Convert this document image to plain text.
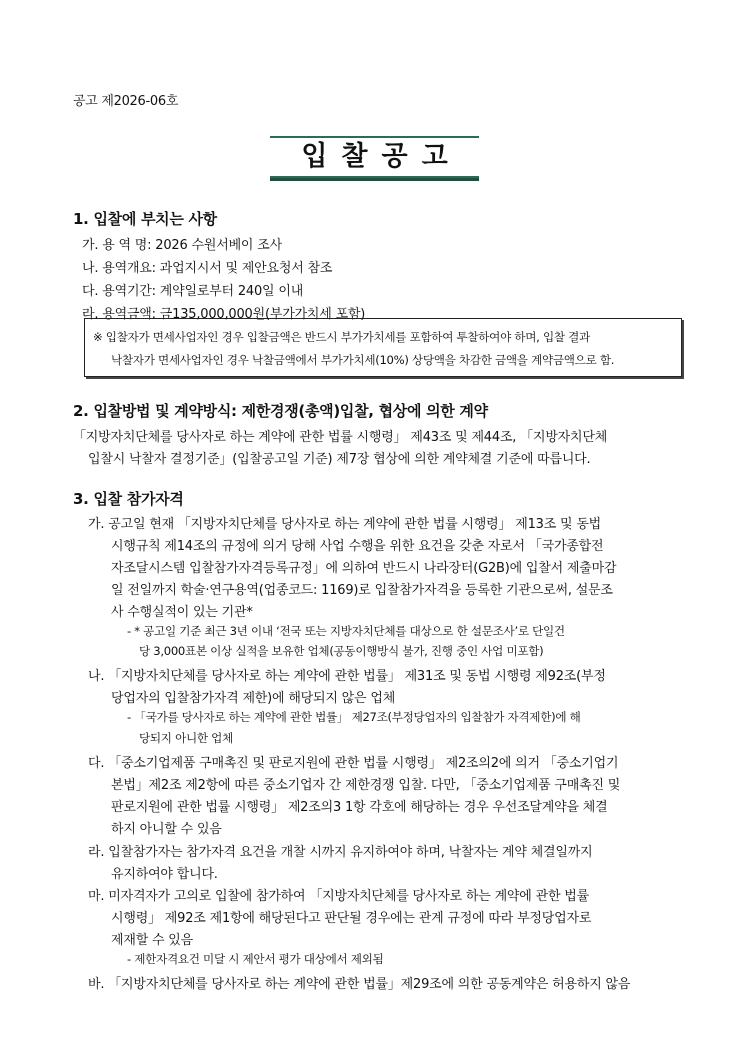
공고 제2026-06호
입찰공고
1. 입찰에 부치는 사항
가. 용 역 명: 2026 수원서베이 조사
나. 용역개요: 과업지시서 및 제안요청서 참조
다. 용역기간: 계약일로부터 240일 이내
라. 용역금액: 금135,000,000원(부가가치세 포함)
※ 입찰자가 면세사업자인 경우 입찰금액은 반드시 부가가치세를 포함하여 투찰하여야 하며, 입찰 결과
낙찰자가 면세사업자인 경우 낙찰금액에서 부가가치세(10%) 상당액을 차감한 금액을 계약금액으로 함.
2. 입찰방법 및 계약방식: 제한경쟁(총액)입찰, 협상에 의한 계약
「지방자치단체를 당사자로 하는 계약에 관한 법률 시행령」 제43조 및 제44조, 「지방자치단체
입찰시 낙찰자 결정기준」(입찰공고일 기준) 제7장 협상에 의한 계약체결 기준에 따릅니다.
3. 입찰 참가자격
가. 공고일 현재 「지방자치단체를 당사자로 하는 계약에 관한 법률 시행령」 제13조 및 동법
시행규칙 제14조의 규정에 의거 당해 사업 수행을 위한 요건을 갖춘 자로서 「국가종합전
자조달시스템 입찰참가자격등록규정」에 의하여 반드시 나라장터(G2B)에 입찰서 제출마감
일 전일까지 학술·연구용역(업종코드: 1169)로 입찰참가자격을 등록한 기관으로써, 설문조
사 수행실적이 있는 기관*
- * 공고일 기준 최근 3년 이내 ‘전국 또는 지방자치단체를 대상으로 한 설문조사’로 단일건
당 3,000표본 이상 실적을 보유한 업체(공동이행방식 불가, 진행 중인 사업 미포함)
나. 「지방자치단체를 당사자로 하는 계약에 관한 법률」 제31조 및 동법 시행령 제92조(부정
당업자의 입찰참가자격 제한)에 해당되지 않은 업체
- 「국가를 당사자로 하는 계약에 관한 법률」 제27조(부정당업자의 입찰참가 자격제한)에 해
당되지 아니한 업체
다. 「중소기업제품 구매촉진 및 판로지원에 관한 법률 시행령」 제2조의2에 의거 「중소기업기
본법」제2조 제2항에 따른 중소기업자 간 제한경쟁 입찰. 다만, 「중소기업제품 구매촉진 및
판로지원에 관한 법률 시행령」 제2조의3 1항 각호에 해당하는 경우 우선조달계약을 체결
하지 아니할 수 있음
라. 입찰참가자는 참가자격 요건을 개찰 시까지 유지하여야 하며, 낙찰자는 계약 체결일까지
유지하여야 합니다.
마. 미자격자가 고의로 입찰에 참가하여 「지방자치단체를 당사자로 하는 계약에 관한 법률
시행령」 제92조 제1항에 해당된다고 판단될 경우에는 관계 규정에 따라 부정당업자로
제재할 수 있음
- 제한자격요건 미달 시 제안서 평가 대상에서 제외됨
바. 「지방자치단체를 당사자로 하는 계약에 관한 법률」제29조에 의한 공동계약은 허용하지 않음
